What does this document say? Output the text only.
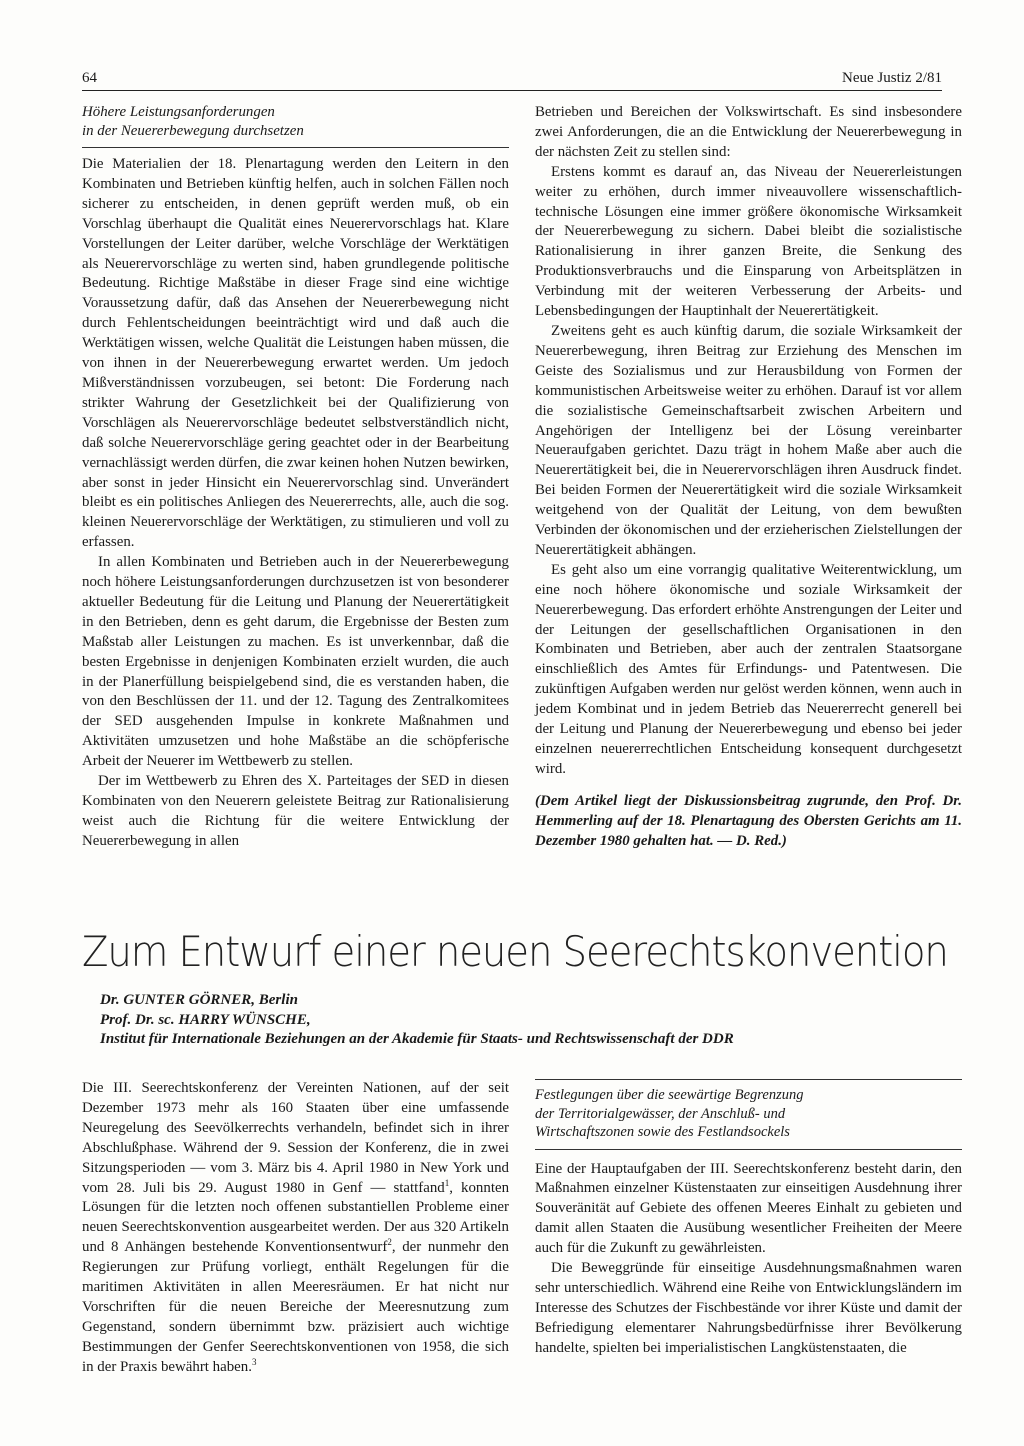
64	Neue Justiz 2/81
Höhere Leistungsanforderungen
in der Neuererbewegung durchsetzen

Die Materialien der 18. Plenartagung werden den Leitern in den Kombinaten und Betrieben künftig helfen, auch in solchen Fällen noch sicherer zu entscheiden, in denen geprüft werden muß, ob ein Vorschlag überhaupt die Qualität eines Neuerervorschlags hat. Klare Vorstellungen der Leiter darüber, welche Vorschläge der Werktätigen als Neuerervorschläge zu werten sind, haben grundlegende politische Bedeutung. Richtige Maßstäbe in dieser Frage sind eine wichtige Voraussetzung dafür, daß das Ansehen der Neuererbewegung nicht durch Fehlentscheidungen beeinträchtigt wird und daß auch die Werktätigen wissen, welche Qualität die Leistungen haben müssen, die von ihnen in der Neuererbewegung erwartet werden. Um jedoch Mißverständnissen vorzubeugen, sei betont: Die Forderung nach strikter Wahrung der Gesetzlichkeit bei der Qualifizierung von Vorschlägen als Neuerervorschläge bedeutet selbstverständlich nicht, daß solche Neuerervorschläge gering geachtet oder in der Bearbeitung vernachlässigt werden dürfen, die zwar keinen hohen Nutzen bewirken, aber sonst in jeder Hinsicht ein Neuerervorschlag sind. Unverändert bleibt es ein politisches Anliegen des Neuererrechts, alle, auch die sog. kleinen Neuerervorschläge der Werktätigen, zu stimulieren und voll zu erfassen.

In allen Kombinaten und Betrieben auch in der Neuererbewegung noch höhere Leistungsanforderungen durchzusetzen ist von besonderer aktueller Bedeutung für die Leitung und Planung der Neuerertätigkeit in den Betrieben, denn es geht darum, die Ergebnisse der Besten zum Maßstab aller Leistungen zu machen. Es ist unverkennbar, daß die besten Ergebnisse in denjenigen Kombinaten erzielt wurden, die auch in der Planerfüllung beispielgebend sind, die es verstanden haben, die von den Beschlüssen der 11. und der 12. Tagung des Zentralkomitees der SED ausgehenden Impulse in konkrete Maßnahmen und Aktivitäten umzusetzen und hohe Maßstäbe an die schöpferische Arbeit der Neuerer im Wettbewerb zu stellen.

Der im Wettbewerb zu Ehren des X. Parteitages der SED in diesen Kombinaten von den Neuerern geleistete Beitrag zur Rationalisierung weist auch die Richtung für die weitere Entwicklung der Neuererbewegung in allen

Betrieben und Bereichen der Volkswirtschaft. Es sind insbesondere zwei Anforderungen, die an die Entwicklung der Neuererbewegung in der nächsten Zeit zu stellen sind:

Erstens kommt es darauf an, das Niveau der Neuererleistungen weiter zu erhöhen, durch immer niveauvollere wissenschaftlich-technische Lösungen eine immer größere ökonomische Wirksamkeit der Neuererbewegung zu sichern. Dabei bleibt die sozialistische Rationalisierung in ihrer ganzen Breite, die Senkung des Produktionsverbrauchs und die Einsparung von Arbeitsplätzen in Verbindung mit der weiteren Verbesserung der Arbeits- und Lebensbedingungen der Hauptinhalt der Neuerertätigkeit.

Zweitens geht es auch künftig darum, die soziale Wirksamkeit der Neuererbewegung, ihren Beitrag zur Erziehung des Menschen im Geiste des Sozialismus und zur Herausbildung von Formen der kommunistischen Arbeitsweise weiter zu erhöhen. Darauf ist vor allem die sozialistische Gemeinschaftsarbeit zwischen Arbeitern und Angehörigen der Intelligenz bei der Lösung vereinbarter Neueraufgaben gerichtet. Dazu trägt in hohem Maße aber auch die Neuerertätigkeit bei, die in Neuerervorschlägen ihren Ausdruck findet. Bei beiden Formen der Neuerertätigkeit wird die soziale Wirksamkeit weitgehend von der Qualität der Leitung, von dem bewußten Verbinden der ökonomischen und der erzieherischen Zielstellungen der Neuerertätigkeit abhängen.

Es geht also um eine vorrangig qualitative Weiterentwicklung, um eine noch höhere ökonomische und soziale Wirksamkeit der Neuererbewegung. Das erfordert erhöhte Anstrengungen der Leiter und der Leitungen der gesellschaftlichen Organisationen in den Kombinaten und Betrieben, aber auch der zentralen Staatsorgane einschließlich des Amtes für Erfindungs- und Patentwesen. Die zukünftigen Aufgaben werden nur gelöst werden können, wenn auch in jedem Kombinat und in jedem Betrieb das Neuererrecht generell bei der Leitung und Planung der Neuererbewegung und ebenso bei jeder einzelnen neuererrechtlichen Entscheidung konsequent durchgesetzt wird.

(Dem Artikel liegt der Diskussionsbeitrag zugrunde, den Prof. Dr. Hemmerling auf der 18. Plenartagung des Obersten Gerichts am 11. Dezember 1980 gehalten hat. — D. Red.)

Zum Entwurf einer neuen Seerechtskonvention
Dr. GUNTER GÖRNER, Berlin
Prof. Dr. sc. HARRY WÜNSCHE,
Institut für Internationale Beziehungen an der Akademie für Staats- und Rechtswissenschaft der DDR

Die III. Seerechtskonferenz der Vereinten Nationen, auf der seit Dezember 1973 mehr als 160 Staaten über eine umfassende Neuregelung des Seevölkerrechts verhandeln, befindet sich in ihrer Abschlußphase. Während der 9. Session der Konferenz, die in zwei Sitzungsperioden — vom 3. März bis 4. April 1980 in New York und vom 28. Juli bis 29. August 1980 in Genf — stattfand$^1$, konnten Lösungen für die letzten noch offenen substantiellen Probleme einer neuen Seerechtskonvention ausgearbeitet werden. Der aus 320 Artikeln und 8 Anhängen bestehende Konventionsentwurf$^2$, der nunmehr den Regierungen zur Prüfung vorliegt, enthält Regelungen für die maritimen Aktivitäten in allen Meeresräumen. Er hat nicht nur Vorschriften für die neuen Bereiche der Meeresnutzung zum Gegenstand, sondern übernimmt bzw. präzisiert auch wichtige Bestimmungen der Genfer Seerechtskonventionen von 1958, die sich in der Praxis bewährt haben.$^3$

Festlegungen über die seewärtige Begrenzung
der Territorialgewässer, der Anschluß- und
Wirtschaftszonen sowie des Festlandsockels

Eine der Hauptaufgaben der III. Seerechtskonferenz besteht darin, den Maßnahmen einzelner Küstenstaaten zur einseitigen Ausdehnung ihrer Souveränität auf Gebiete des offenen Meeres Einhalt zu gebieten und damit allen Staaten die Ausübung wesentlicher Freiheiten der Meere auch für die Zukunft zu gewährleisten.

Die Beweggründe für einseitige Ausdehnungsmaßnahmen waren sehr unterschiedlich. Während eine Reihe von Entwicklungsländern im Interesse des Schutzes der Fischbestände vor ihrer Küste und damit der Befriedigung elementarer Nahrungsbedürfnisse ihrer Bevölkerung handelte, spielten bei imperialistischen Langküstenstaaten, die
